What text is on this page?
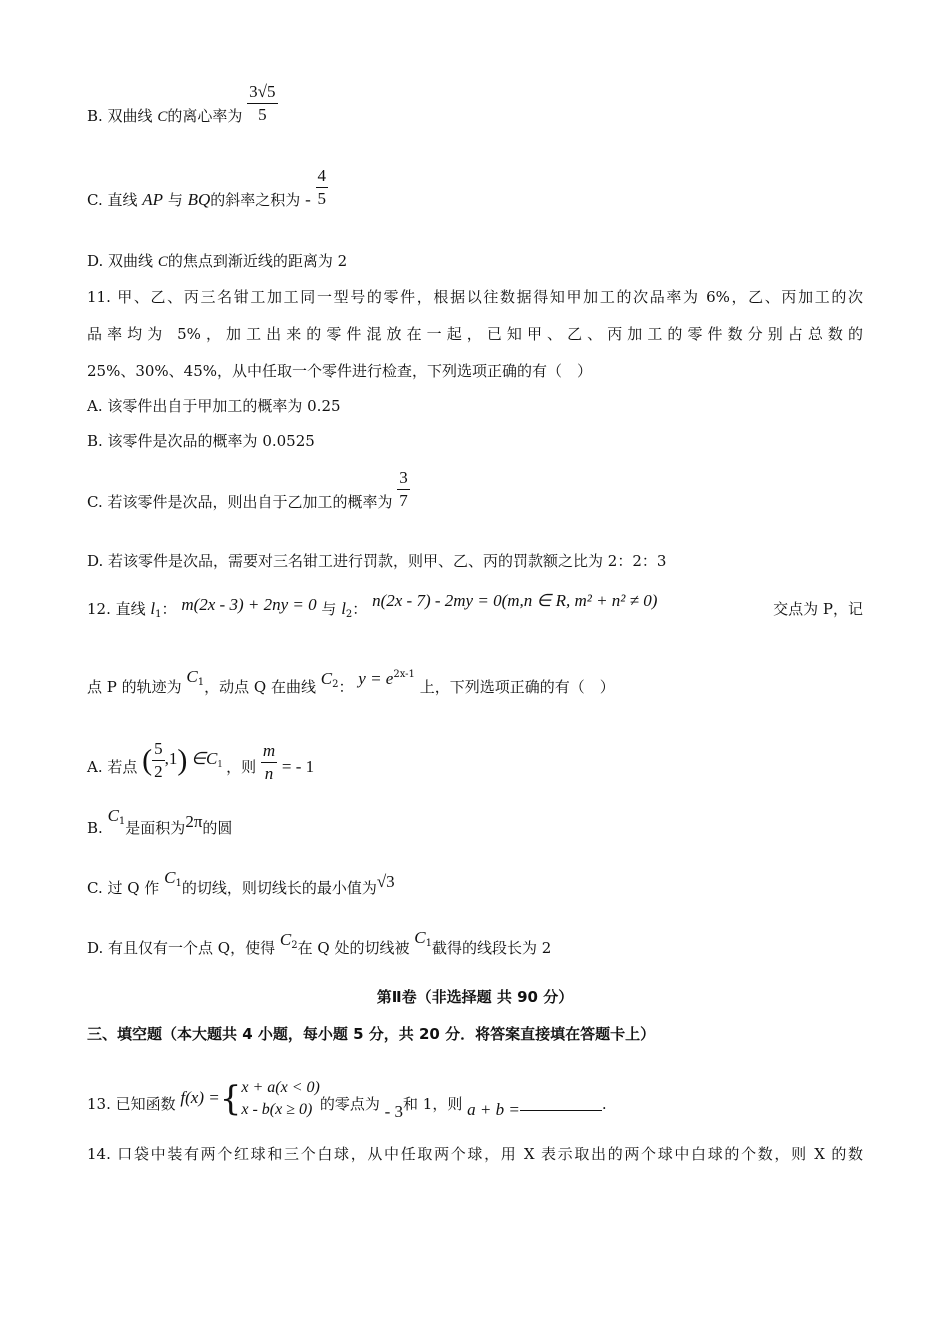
B. 双曲线 C的离心率为 $\frac{3√5}{5}$
C. 直线 AP 与 BQ的斜率之积为 - $\frac{4}{5}$
D. 双曲线 C的焦点到渐近线的距离为 2
11. 甲、乙、丙三名钳工加工同一型号的零件，根据以往数据得知甲加工的次品率为 6%，乙、丙加工的次
品率均为 5%，加工出来的零件混放在一起，已知甲、乙、丙加工的零件数分别占总数的
25%、30%、45%，从中任取一个零件进行检查，下列选项正确的有（　）
A. 该零件出自于甲加工的概率为 0.25
B. 该零件是次品的概率为 0.0525
C. 若该零件是次品，则出自于乙加工的概率为 $\frac{3}{7}$
D. 若该零件是次品，需要对三名钳工进行罚款，则甲、乙、丙的罚款额之比为 2：2：3
12. 直线 $l_1$： m(2x - 3) + 2ny = 0 与 $l_2$： n(2x - 7) - 2my = 0(m,n ∈ R, m² + n² ≠ 0)	交点为 P，记
点 P 的轨迹为 $C_1$，动点 Q 在曲线 $C_2$： $y = e^{2x-1}$ 上，下列选项正确的有（　）
A. 若点 ( $\frac{5}{2} ,1$) $\in C_1$ ，则 $\frac{m}{n}$ = - 1
B. $C_1$是面积为2π的圆
C. 过 Q 作 $C_1$的切线，则切线长的最小值为√3
D. 有且仅有一个点 Q，使得 $C_2$在 Q 处的切线被 $C_1$截得的线段长为 2
第Ⅱ卷（非选择题 共 90 分）
三、填空题（本大题共 4 小题，每小题 5 分，共 20 分．将答案直接填在答题卡上）
13. 已知函数 f(x) ={ x + a(x < 0)
x - b(x ≥ 0) 的零点为 - 3和 1，则 a + b =	.
14. 口袋中装有两个红球和三个白球，从中任取两个球，用 X 表示取出的两个球中白球的个数，则 X 的数
